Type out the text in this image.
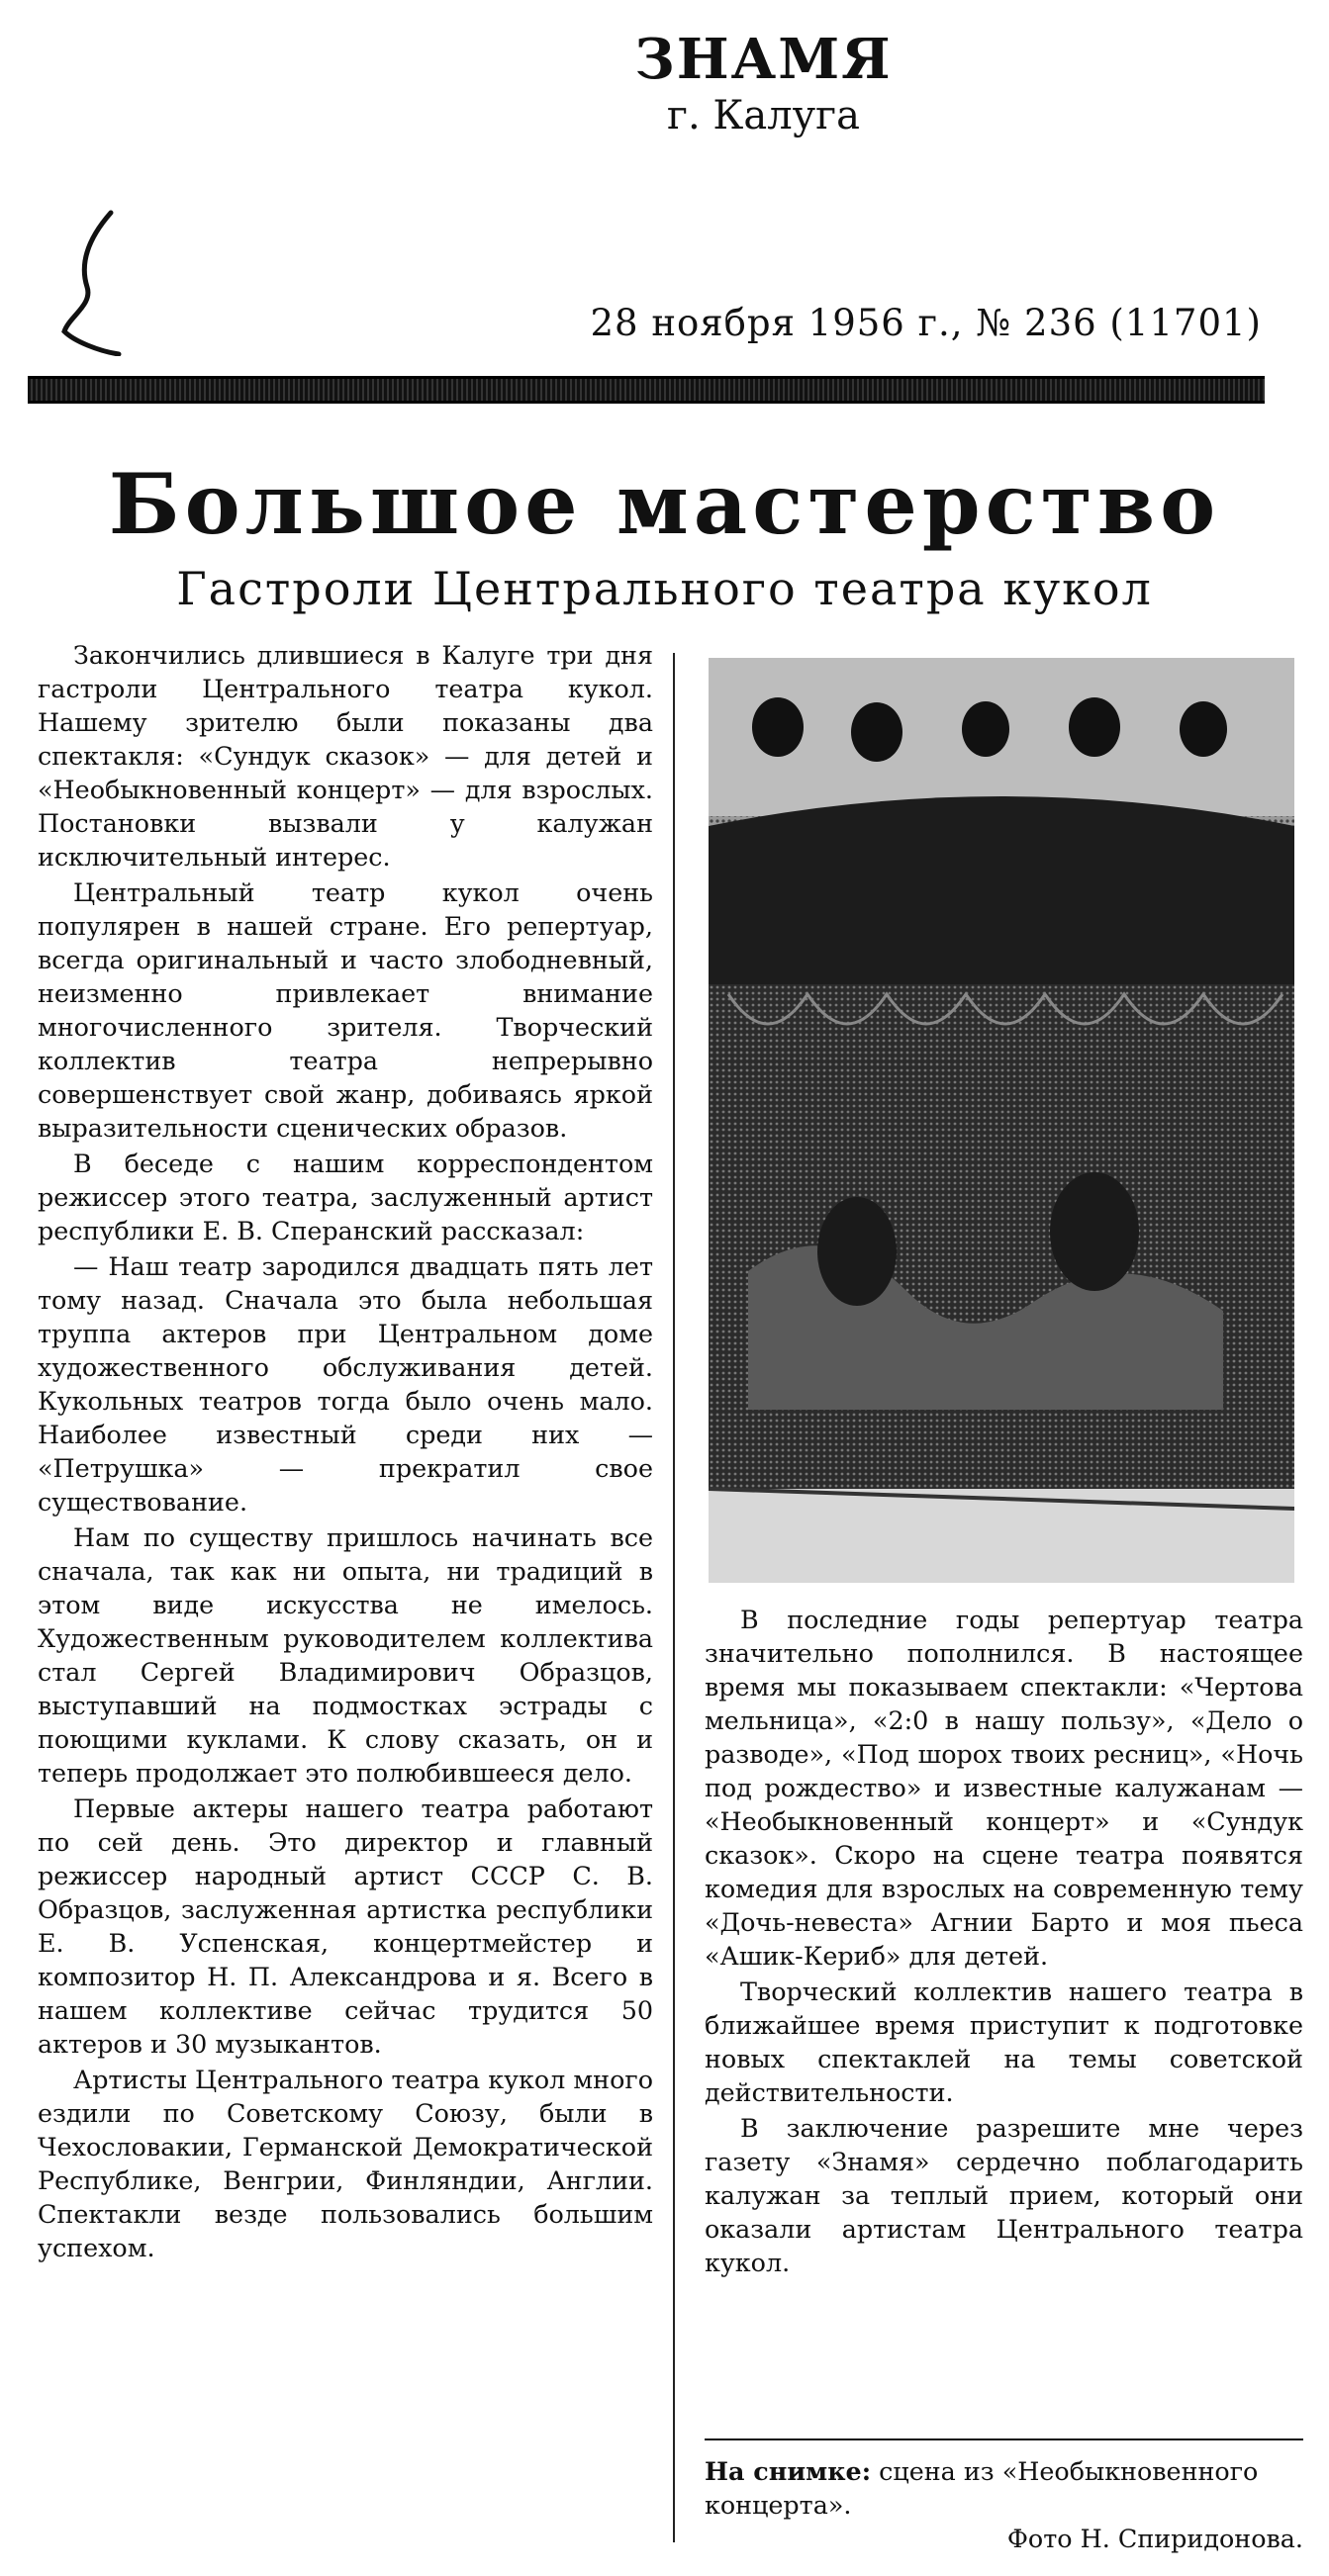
ЗНАМЯ
г. Калуга
28 ноября 1956 г., № 236 (11701)
Большое мастерство
Гастроли Центрального театра кукол

Закончились длившиеся в Калуге три дня гастроли Центрального театра кукол. Нашему зрителю были показаны два спектакля: «Сундук сказок» — для детей и «Необыкновенный концерт» — для взрослых. Постановки вызвали у калужан исключительный интерес.

Центральный театр кукол очень популярен в нашей стране. Его репертуар, всегда оригинальный и часто злободневный, неизменно привлекает внимание многочисленного зрителя. Творческий коллектив театра непрерывно совершенствует свой жанр, добиваясь яркой выразительности сценических образов.

В беседе с нашим корреспондентом режиссер этого театра, заслуженный артист республики Е. В. Сперанский рассказал:

— Наш театр зародился двадцать пять лет тому назад. Сначала это была небольшая труппа актеров при Центральном доме художественного обслуживания детей. Кукольных театров тогда было очень мало. Наиболее известный среди них — «Петрушка» — прекратил свое существование.

Нам по существу пришлось начинать все сначала, так как ни опыта, ни традиций в этом виде искусства не имелось. Художественным руководителем коллектива стал Сергей Владимирович Образцов, выступавший на подмостках эстрады с поющими куклами. К слову сказать, он и теперь продолжает это полюбившееся дело.

Первые актеры нашего театра работают по сей день. Это директор и главный режиссер народный артист СССР С. В. Образцов, заслуженная артистка республики Е. В. Успенская, концертмейстер и композитор Н. П. Александрова и я. Всего в нашем коллективе сейчас трудится 50 актеров и 30 музыкантов.

Артисты Центрального театра кукол много ездили по Советскому Союзу, были в Чехословакии, Германской Демократической Республике, Венгрии, Финляндии, Англии. Спектакли везде пользовались большим успехом.

В последние годы репертуар театра значительно пополнился. В настоящее время мы показываем спектакли: «Чертова мельница», «2:0 в нашу пользу», «Дело о разводе», «Под шорох твоих ресниц», «Ночь под рождество» и известные калужанам — «Необыкновенный концерт» и «Сундук сказок». Скоро на сцене театра появятся комедия для взрослых на современную тему «Дочь-невеста» Агнии Барто и моя пьеса «Ашик-Кериб» для детей.

Творческий коллектив нашего театра в ближайшее время приступит к подготовке новых спектаклей на темы советской действительности.

В заключение разрешите мне через газету «Знамя» сердечно поблагодарить калужан за теплый прием, который они оказали артистам Центрального театра кукол.

На снимке: сцена из «Необыкновенного концерта».
Фото Н. Спиридонова.
